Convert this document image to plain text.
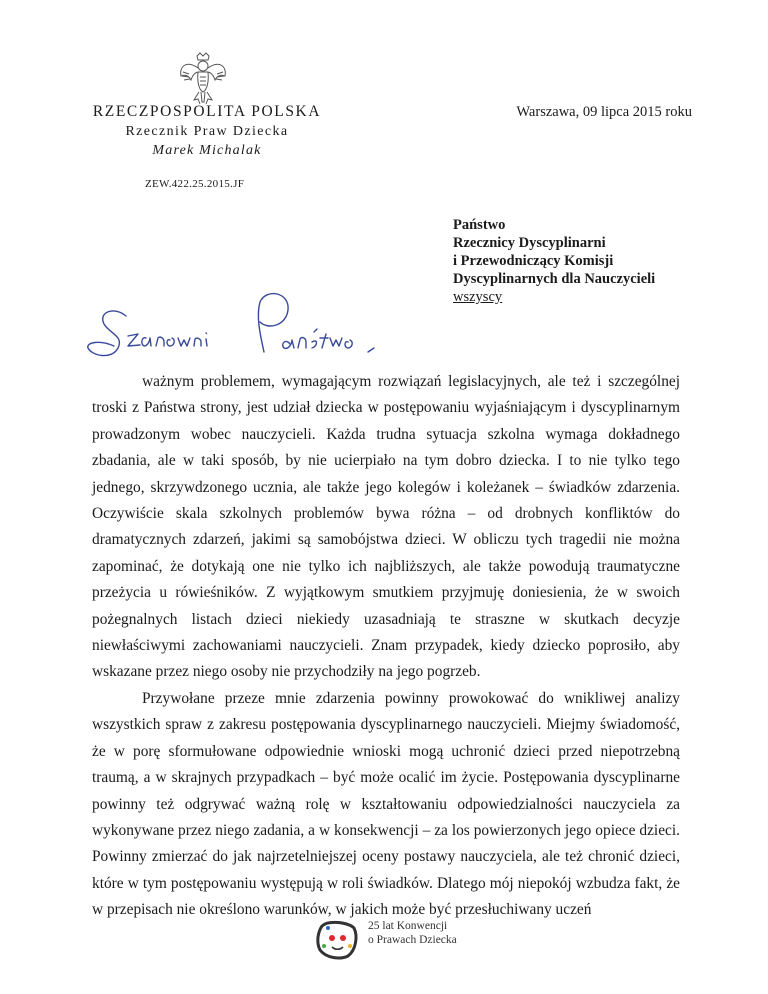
RZECZPOSPOLITA POLSKA
Rzecznik Praw Dziecka
Marek Michalak
ZEW.422.25.2015.JF
Warszawa, 09 lipca 2015 roku
Państwo
Rzecznicy Dyscyplinarni
i Przewodniczący Komisji
Dyscyplinarnych dla Nauczycieli
wszyscy

ważnym problemem, wymagającym rozwiązań legislacyjnych, ale też i szczególnej troski z Państwa strony, jest udział dziecka w postępowaniu wyjaśniającym i dyscyplinarnym prowadzonym wobec nauczycieli. Każda trudna sytuacja szkolna wymaga dokładnego zbadania, ale w taki sposób, by nie ucierpiało na tym dobro dziecka. I to nie tylko tego jednego, skrzywdzonego ucznia, ale także jego kolegów i koleżanek – świadków zdarzenia. Oczywiście skala szkolnych problemów bywa różna – od drobnych konfliktów do dramatycznych zdarzeń, jakimi są samobójstwa dzieci. W obliczu tych tragedii nie można zapominać, że dotykają one nie tylko ich najbliższych, ale także powodują traumatyczne przeżycia u rówieśników. Z wyjątkowym smutkiem przyjmuję doniesienia, że w swoich pożegnalnych listach dzieci niekiedy uzasadniają te straszne w skutkach decyzje niewłaściwymi zachowaniami nauczycieli. Znam przypadek, kiedy dziecko poprosiło, aby wskazane przez niego osoby nie przychodziły na jego pogrzeb.

Przywołane przeze mnie zdarzenia powinny prowokować do wnikliwej analizy wszystkich spraw z zakresu postępowania dyscyplinarnego nauczycieli. Miejmy świadomość, że w porę sformułowane odpowiednie wnioski mogą uchronić dzieci przed niepotrzebną traumą, a w skrajnych przypadkach – być może ocalić im życie. Postępowania dyscyplinarne powinny też odgrywać ważną rolę w kształtowaniu odpowiedzialności nauczyciela za wykonywane przez niego zadania, a w konsekwencji – za los powierzonych jego opiece dzieci. Powinny zmierzać do jak najrzetelniejszej oceny postawy nauczyciela, ale też chronić dzieci, które w tym postępowaniu występują w roli świadków. Dlatego mój niepokój wzbudza fakt, że w przepisach nie określono warunków, w jakich może być przesłuchiwany uczeń

25 lat Konwencji
o Prawach Dziecka
